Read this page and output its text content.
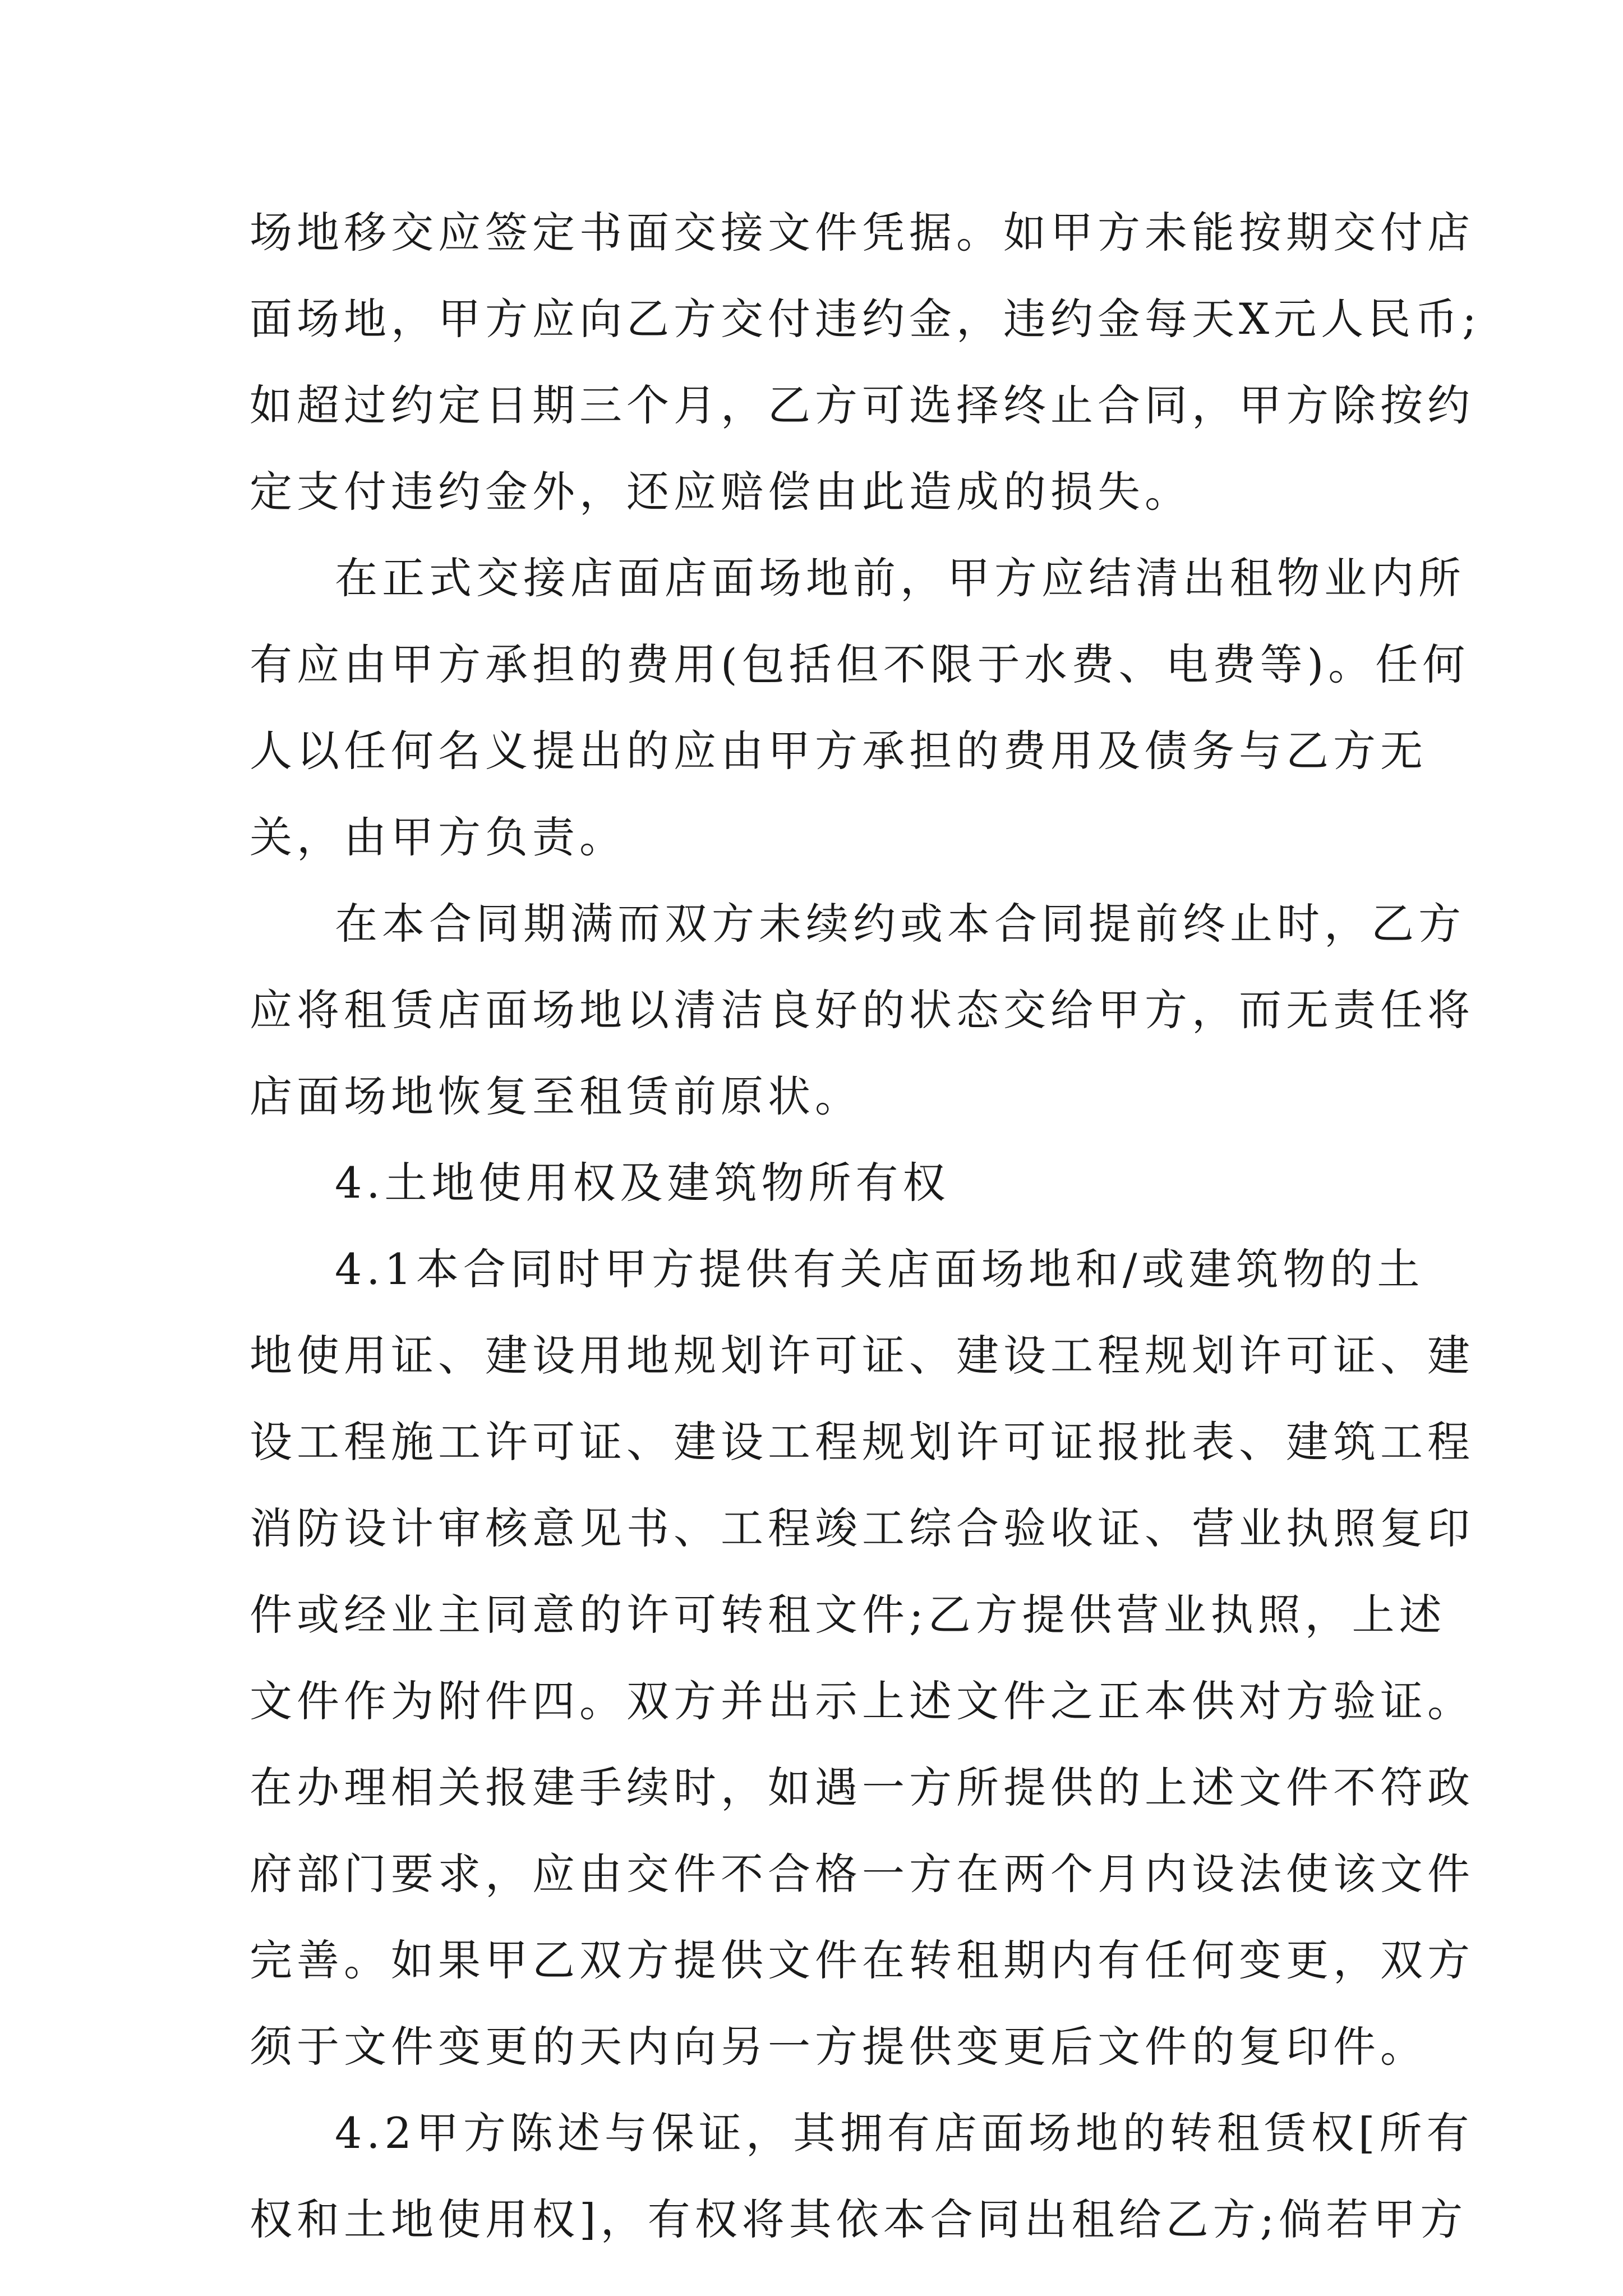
场地移交应签定书面交接文件凭据。如甲方未能按期交付店
面场地，甲方应向乙方交付违约金，违约金每天X元人民币;
如超过约定日期三个月，乙方可选择终止合同，甲方除按约
定支付违约金外，还应赔偿由此造成的损失。
在正式交接店面店面场地前，甲方应结清出租物业内所
有应由甲方承担的费用(包括但不限于水费、电费等)。任何
人以任何名义提出的应由甲方承担的费用及债务与乙方无
关，由甲方负责。
在本合同期满而双方未续约或本合同提前终止时，乙方
应将租赁店面场地以清洁良好的状态交给甲方，而无责任将
店面场地恢复至租赁前原状。
4.土地使用权及建筑物所有权
4.1本合同时甲方提供有关店面场地和/或建筑物的土
地使用证、建设用地规划许可证、建设工程规划许可证、建
设工程施工许可证、建设工程规划许可证报批表、建筑工程
消防设计审核意见书、工程竣工综合验收证、营业执照复印
件或经业主同意的许可转租文件;乙方提供营业执照，上述
文件作为附件四。双方并出示上述文件之正本供对方验证。
在办理相关报建手续时，如遇一方所提供的上述文件不符政
府部门要求，应由交件不合格一方在两个月内设法使该文件
完善。如果甲乙双方提供文件在转租期内有任何变更，双方
须于文件变更的天内向另一方提供变更后文件的复印件。
4.2甲方陈述与保证，其拥有店面场地的转租赁权[所有
权和土地使用权]，有权将其依本合同出租给乙方;倘若甲方
